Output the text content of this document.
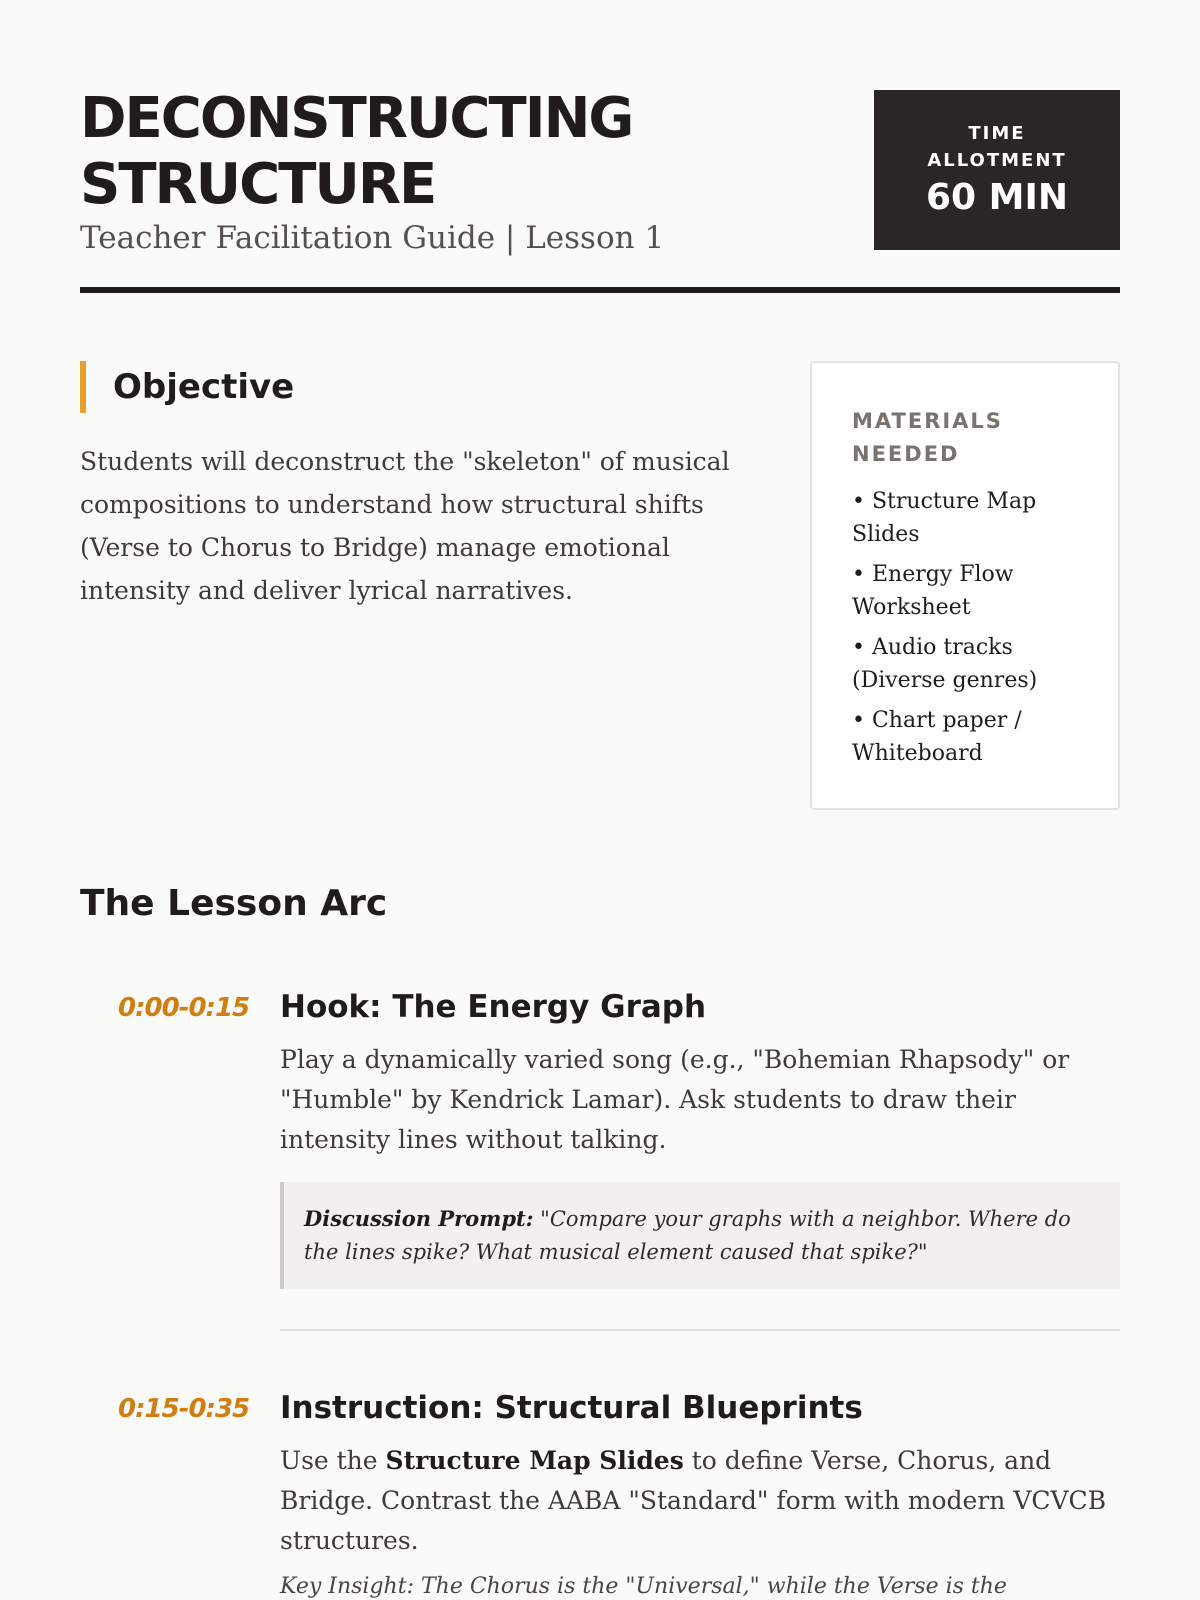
DECONSTRUCTING
STRUCTURE
Teacher Facilitation Guide | Lesson 1
TIME
ALLOTMENT
60 MIN
Objective

Students will deconstruct the "skeleton" of musical compositions to understand how structural shifts (Verse to Chorus to Bridge) manage emotional intensity and deliver lyrical narratives.

MATERIALS
NEEDED
• Structure Map Slides
• Energy Flow Worksheet
• Audio tracks (Diverse genres)
• Chart paper / Whiteboard
The Lesson Arc
0:00-0:15 Hook: The Energy Graph

Play a dynamically varied song (e.g., "Bohemian Rhapsody" or "Humble" by Kendrick Lamar). Ask students to draw their intensity lines without talking.

Discussion Prompt: "Compare your graphs with a neighbor. Where do the lines spike? What musical element caused that spike?"
0:15-0:35 Instruction: Structural Blueprints

Use the Structure Map Slides to define Verse, Chorus, and Bridge. Contrast the AABA "Standard" form with modern VCVCB structures.

Key Insight: The Chorus is the "Universal," while the Verse is the
